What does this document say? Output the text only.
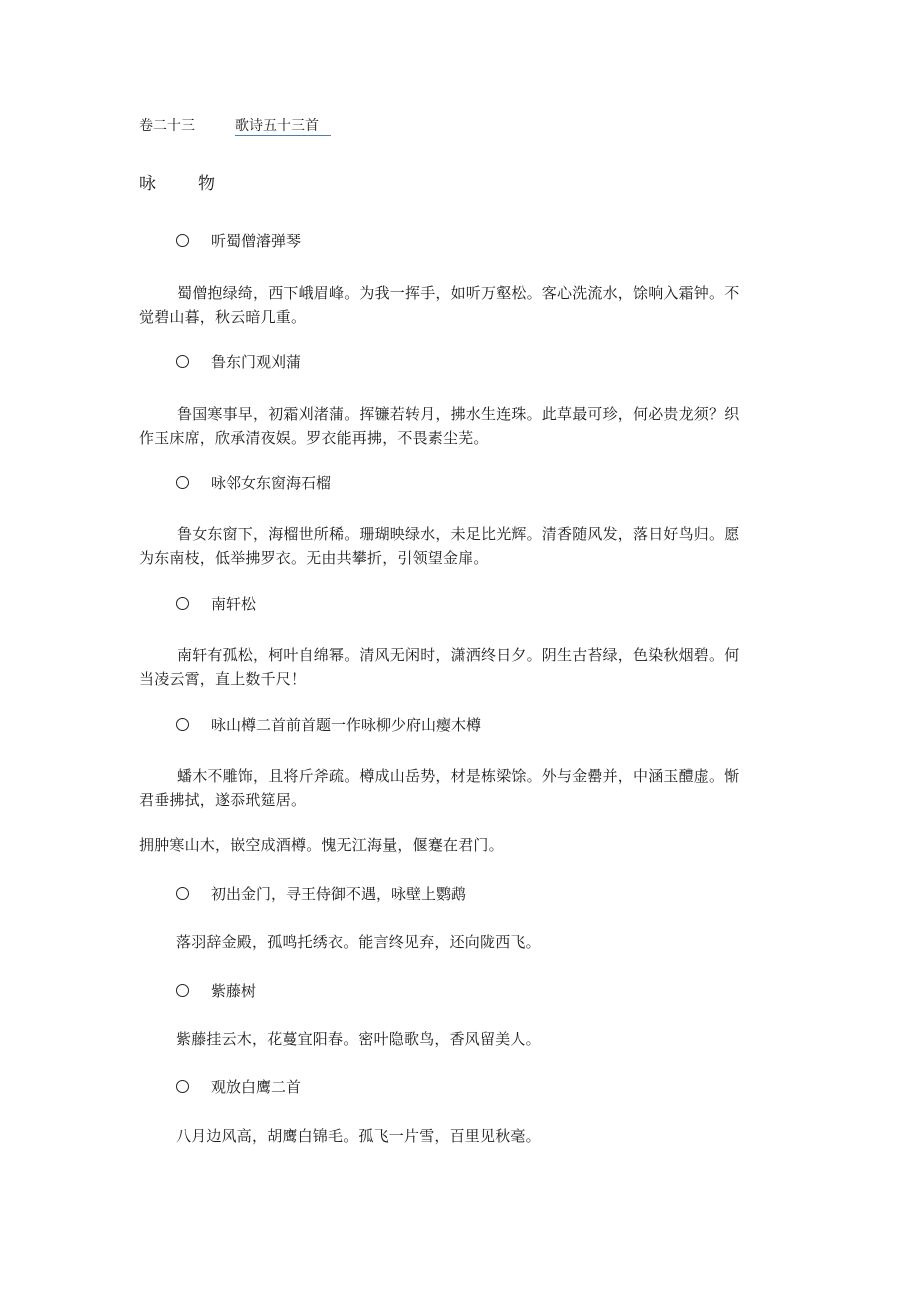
卷二十三	歌诗五十三首
咏 物
听蜀僧濬弹琴
蜀僧抱绿绮，西下峨眉峰。为我一挥手，如听万壑松。客心洗流水，馀响入霜钟。不觉碧山暮，秋云暗几重。
鲁东门观刈蒲
鲁国寒事早，初霜刈渚蒲。挥镰若转月，拂水生连珠。此草最可珍，何必贵龙须？织作玉床席，欣承清夜娱。罗衣能再拂，不畏素尘芜。
咏邻女东窗海石榴
鲁女东窗下，海榴世所稀。珊瑚映绿水，未足比光辉。清香随风发，落日好鸟归。愿为东南枝，低举拂罗衣。无由共攀折，引领望金扉。
南轩松
南轩有孤松，柯叶自绵幂。清风无闲时，潇洒终日夕。阴生古苔绿，色染秋烟碧。何当凌云霄，直上数千尺！
咏山樽二首前首题一作咏柳少府山瘿木樽
蟠木不雕饰，且将斤斧疏。樽成山岳势，材是栋梁馀。外与金罍并，中涵玉醴虚。惭君垂拂拭，遂忝玳筵居。
拥肿寒山木，嵌空成酒樽。愧无江海量，偃蹇在君门。
初出金门，寻王侍御不遇，咏壁上鹦鹉
落羽辞金殿，孤鸣托绣衣。能言终见弃，还向陇西飞。
紫藤树
紫藤挂云木，花蔓宜阳春。密叶隐歌鸟，香风留美人。
观放白鹰二首
八月边风高，胡鹰白锦毛。孤飞一片雪，百里见秋毫。
